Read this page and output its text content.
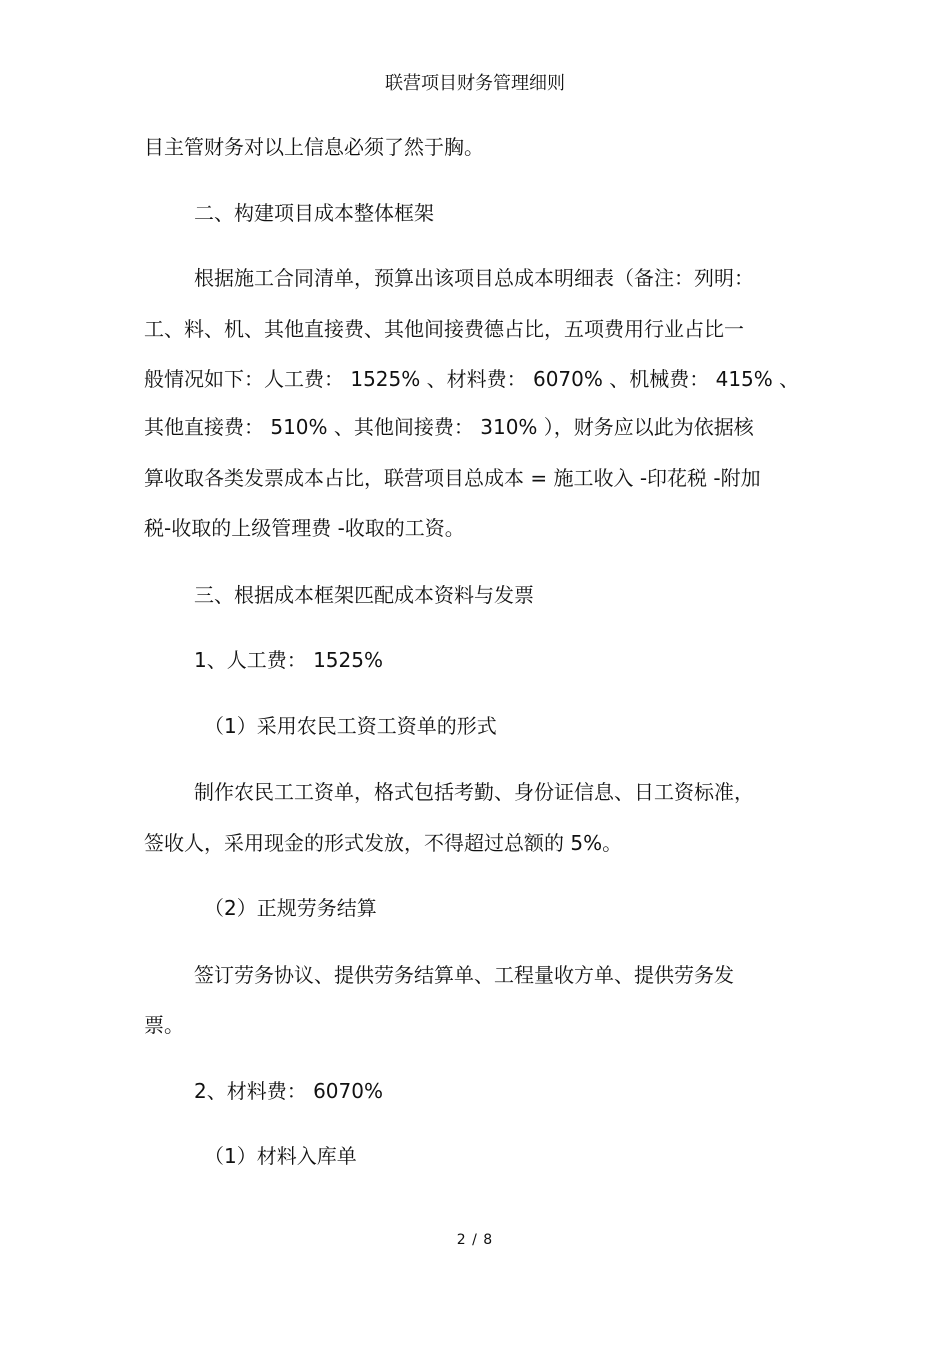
联营项目财务管理细则
目主管财务对以上信息必须了然于胸。
二、构建项目成本整体框架
根据施工合同清单，预算出该项目总成本明细表（备注：列明：
工、料、机、其他直接费、其他间接费德占比，五项费用行业占比一
般情况如下：人工费： 1525% 、材料费： 6070% 、机械费： 415% 、
其他直接费： 510% 、其他间接费： 310% ），财务应以此为依据核
算收取各类发票成本占比，联营项目总成本 = 施工收入 -印花税 -附加
税-收取的上级管理费 -收取的工资。
三、根据成本框架匹配成本资料与发票
1、人工费： 1525%
（1）采用农民工资工资单的形式
制作农民工工资单，格式包括考勤、身份证信息、日工资标准，
签收人，采用现金的形式发放，不得超过总额的 5%。
（2）正规劳务结算
签订劳务协议、提供劳务结算单、工程量收方单、提供劳务发
票。
2、材料费： 6070%
（1）材料入库单
2 / 8
